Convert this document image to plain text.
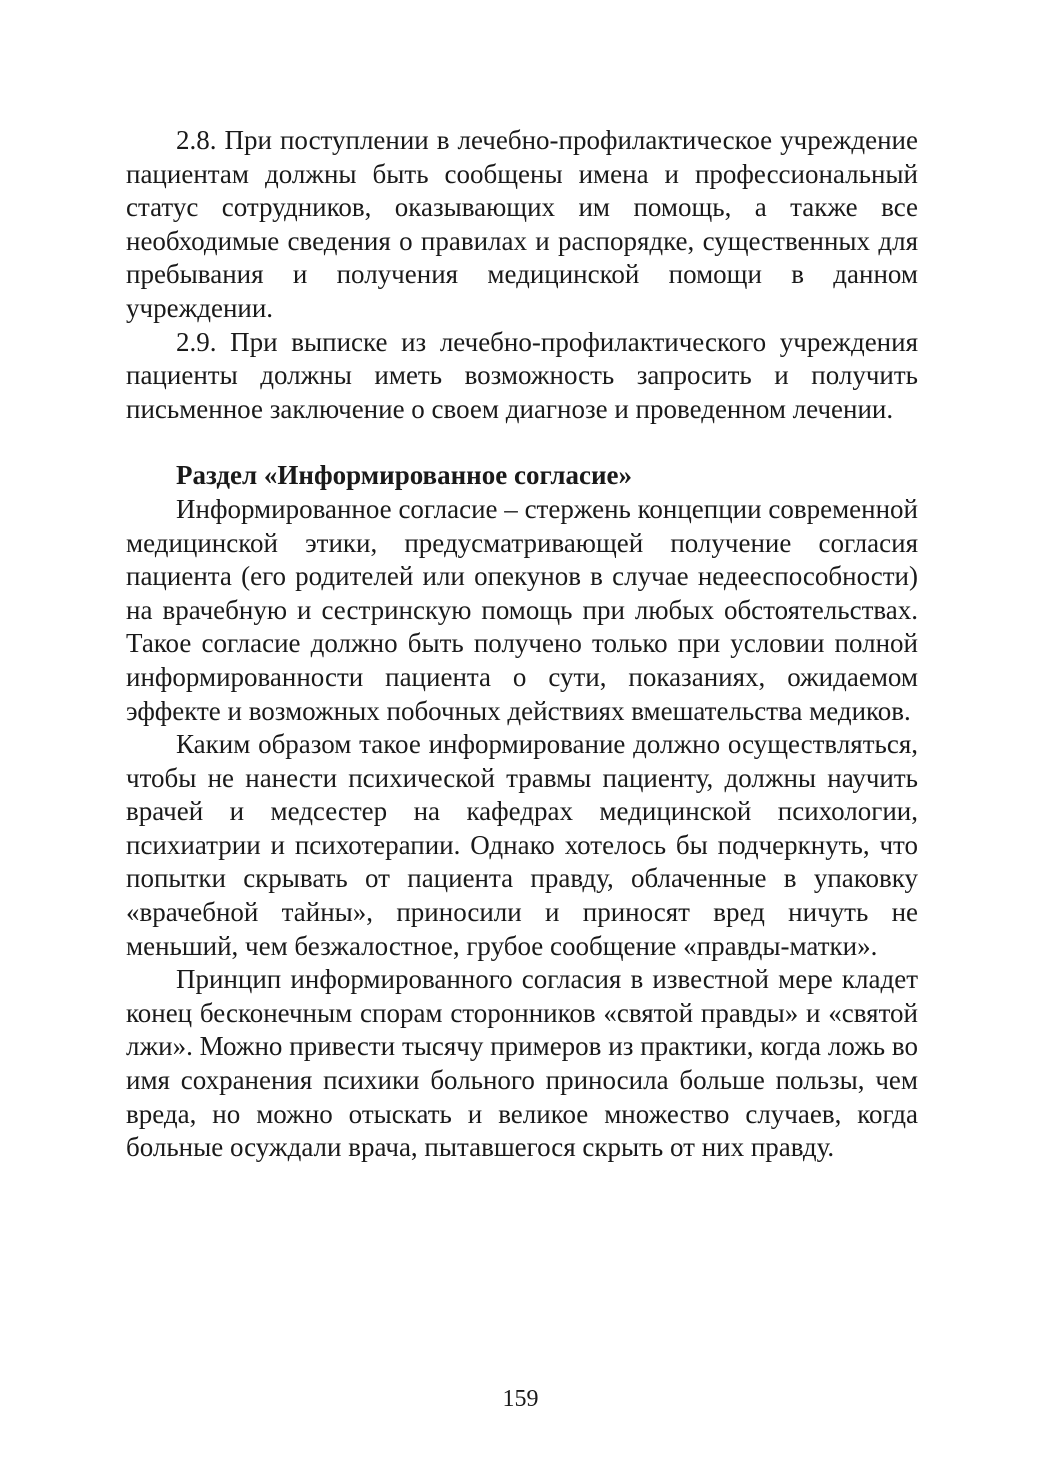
2.8. При поступлении в лечебно-профилактическое учреждение пациентам должны быть сообщены имена и профессиональный статус сотрудников, оказывающих им помощь, а также все необходимые сведения о правилах и распорядке, существенных для пребывания и получения медицинской помощи в данном учреждении.

2.9. При выписке из лечебно-профилактического учреждения пациенты должны иметь возможность запросить и получить письменное заключение о своем диагнозе и проведенном лечении.

Раздел «Информированное согласие»

Информированное согласие – стержень концепции современной медицинской этики, предусматривающей получение согласия пациента (его родителей или опекунов в случае недееспособности) на врачебную и сестринскую помощь при любых обстоятельствах. Такое согласие должно быть получено только при условии полной информированности пациента о сути, показаниях, ожидаемом эффекте и возможных побочных действиях вмешательства медиков.

Каким образом такое информирование должно осуществляться, чтобы не нанести психической травмы пациенту, должны научить врачей и медсестер на кафедрах медицинской психологии, психиатрии и психотерапии. Однако хотелось бы подчеркнуть, что попытки скрывать от пациента правду, облаченные в упаковку «врачебной тайны», приносили и приносят вред ничуть не меньший, чем безжалостное, грубое сообщение «правды-матки».

Принцип информированного согласия в известной мере кладет конец бесконечным спорам сторонников «святой правды» и «святой лжи». Можно привести тысячу примеров из практики, когда ложь во имя сохранения психики больного приносила больше пользы, чем вреда, но можно отыскать и великое множество случаев, когда больные осуждали врача, пытавшегося скрыть от них правду.

159
